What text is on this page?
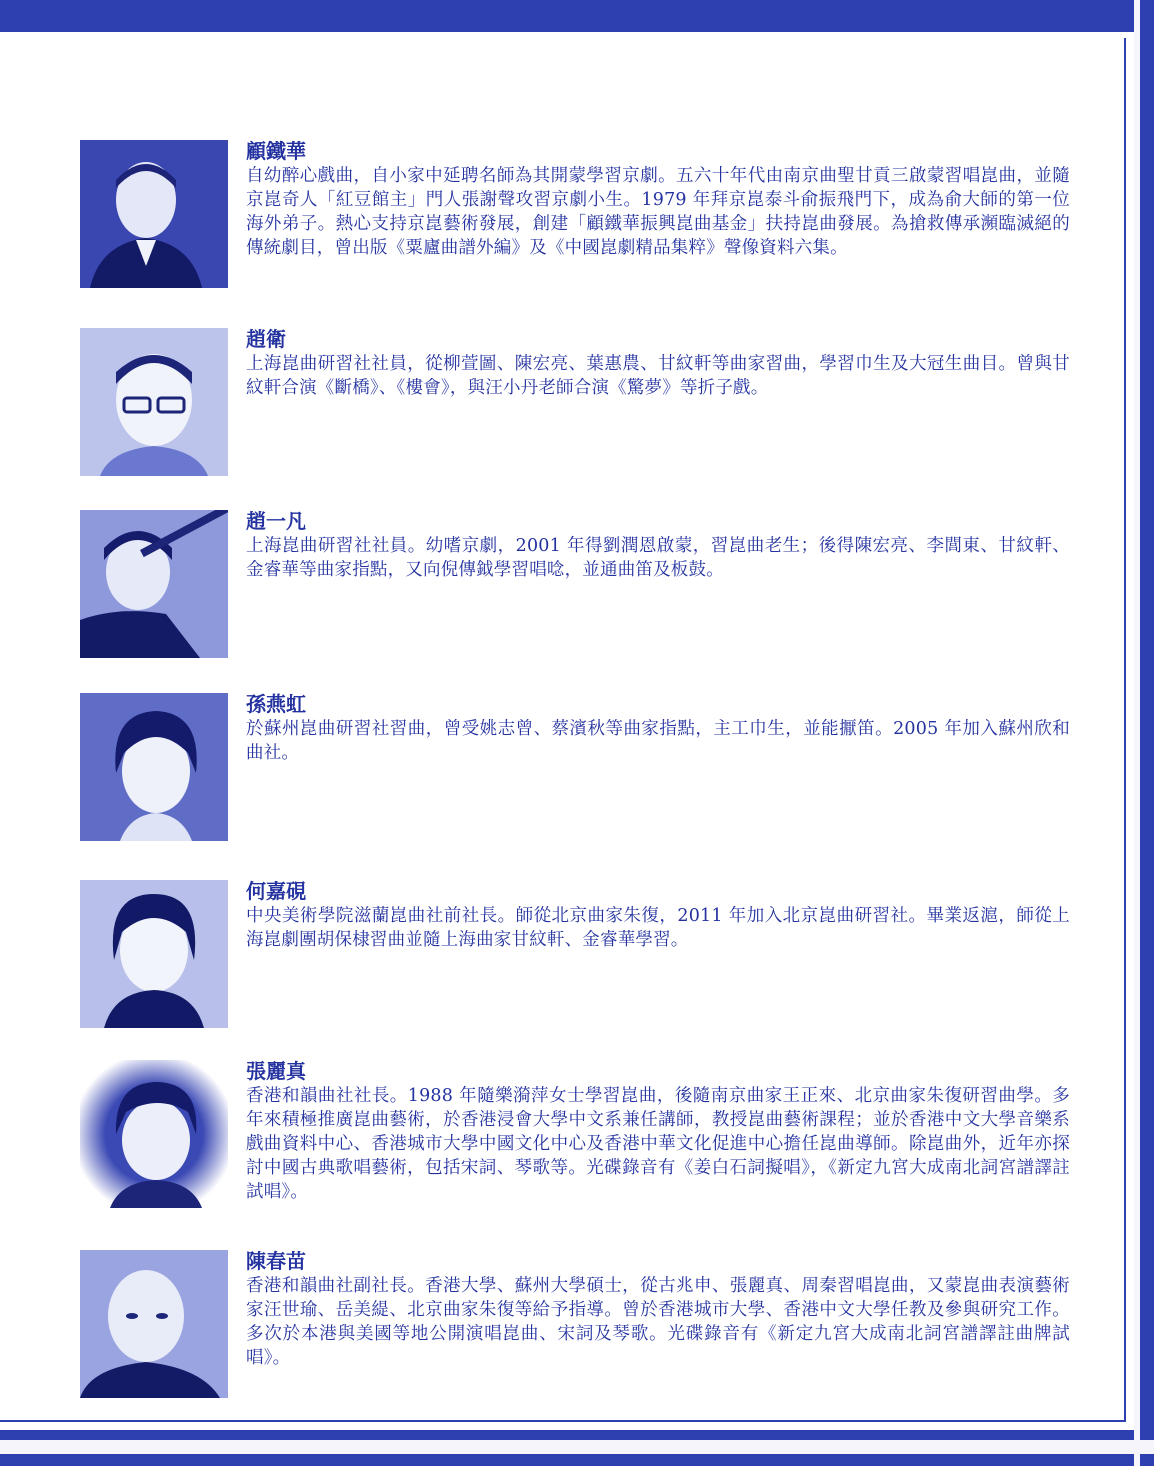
顧鐵華

自幼醉心戲曲，自小家中延聘名師為其開蒙學習京劇。五六十年代由南京曲聖甘貢三啟蒙習唱崑曲，並隨京崑奇人「紅豆館主」門人張謝聲攻習京劇小生。1979 年拜京崑泰斗俞振飛門下，成為俞大師的第一位海外弟子。熱心支持京崑藝術發展，創建「顧鐵華振興崑曲基金」扶持崑曲發展。為搶救傳承瀕臨滅絕的傳統劇目，曾出版《粟廬曲譜外編》及《中國崑劇精品集粹》聲像資料六集。

趙衛

上海崑曲研習社社員，從柳萱圖、陳宏亮、葉惠農、甘紋軒等曲家習曲，學習巾生及大冠生曲目。曾與甘紋軒合演《斷橋》、《樓會》，與汪小丹老師合演《驚夢》等折子戲。

趙一凡

上海崑曲研習社社員。幼嗜京劇，2001 年得劉潤恩啟蒙，習崑曲老生；後得陳宏亮、李閭東、甘紋軒、金睿華等曲家指點，又向倪傳鉞學習唱唸，並通曲笛及板鼓。

孫燕虹

於蘇州崑曲研習社習曲，曾受姚志曾、蔡濱秋等曲家指點，主工巾生，並能擫笛。2005 年加入蘇州欣和曲社。

何嘉硯

中央美術學院滋蘭崑曲社前社長。師從北京曲家朱復，2011 年加入北京崑曲研習社。畢業返滬，師從上海崑劇團胡保棣習曲並隨上海曲家甘紋軒、金睿華學習。

張麗真

香港和韻曲社社長。1988 年隨樂漪萍女士學習崑曲，後隨南京曲家王正來、北京曲家朱復研習曲學。多年來積極推廣崑曲藝術，於香港浸會大學中文系兼任講師，教授崑曲藝術課程；並於香港中文大學音樂系戲曲資料中心、香港城市大學中國文化中心及香港中華文化促進中心擔任崑曲導師。除崑曲外，近年亦探討中國古典歌唱藝術，包括宋詞、琴歌等。光碟錄音有《姜白石詞擬唱》，《新定九宮大成南北詞宮譜譯註試唱》。

陳春苗

香港和韻曲社副社長。香港大學、蘇州大學碩士，從古兆申、張麗真、周秦習唱崑曲，又蒙崑曲表演藝術家汪世瑜、岳美緹、北京曲家朱復等給予指導。曾於香港城市大學、香港中文大學任教及參與研究工作。多次於本港與美國等地公開演唱崑曲、宋詞及琴歌。光碟錄音有《新定九宮大成南北詞宮譜譯註曲牌試唱》。
